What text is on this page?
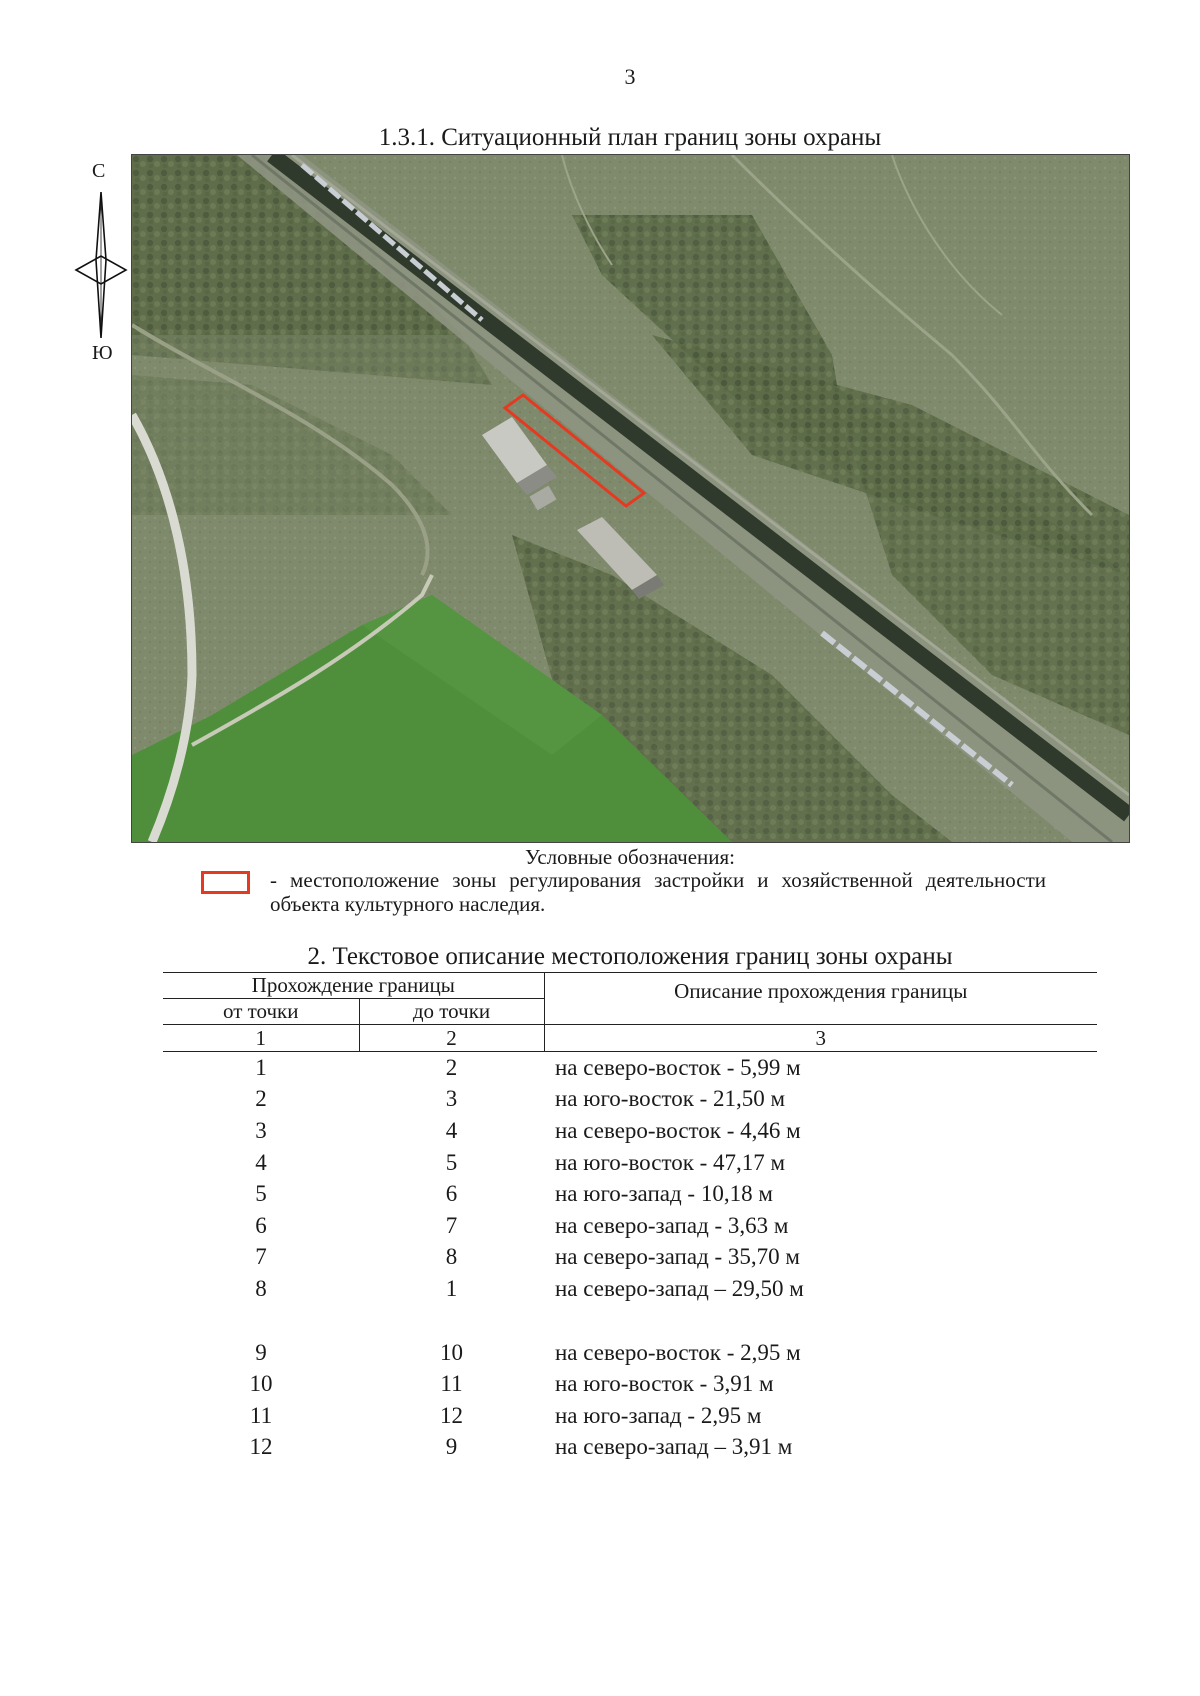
3
1.3.1. Ситуационный план границ зоны охраны
С
Ю
Условные обозначения:
- местоположение зоны регулирования застройки и хозяйственной деятельности объекта культурного наследия.
2. Текстовое описание местоположения границ зоны охраны
Прохождение границы		Описание прохождения границы
от точки	до точки	
1	2	3
1	2	на северо-восток - 5,99 м
2	3	на юго-восток - 21,50 м
3	4	на северо-восток - 4,46 м
4	5	на юго-восток - 47,17 м
5	6	на юго-запад - 10,18 м
6	7	на северо-запад - 3,63 м
7	8	на северо-запад - 35,70 м
8	1	на северо-запад – 29,50 м

9	10	на северо-восток - 2,95 м
10	11	на юго-восток - 3,91 м
11	12	на юго-запад - 2,95 м
12	9	на северо-запад – 3,91 м
